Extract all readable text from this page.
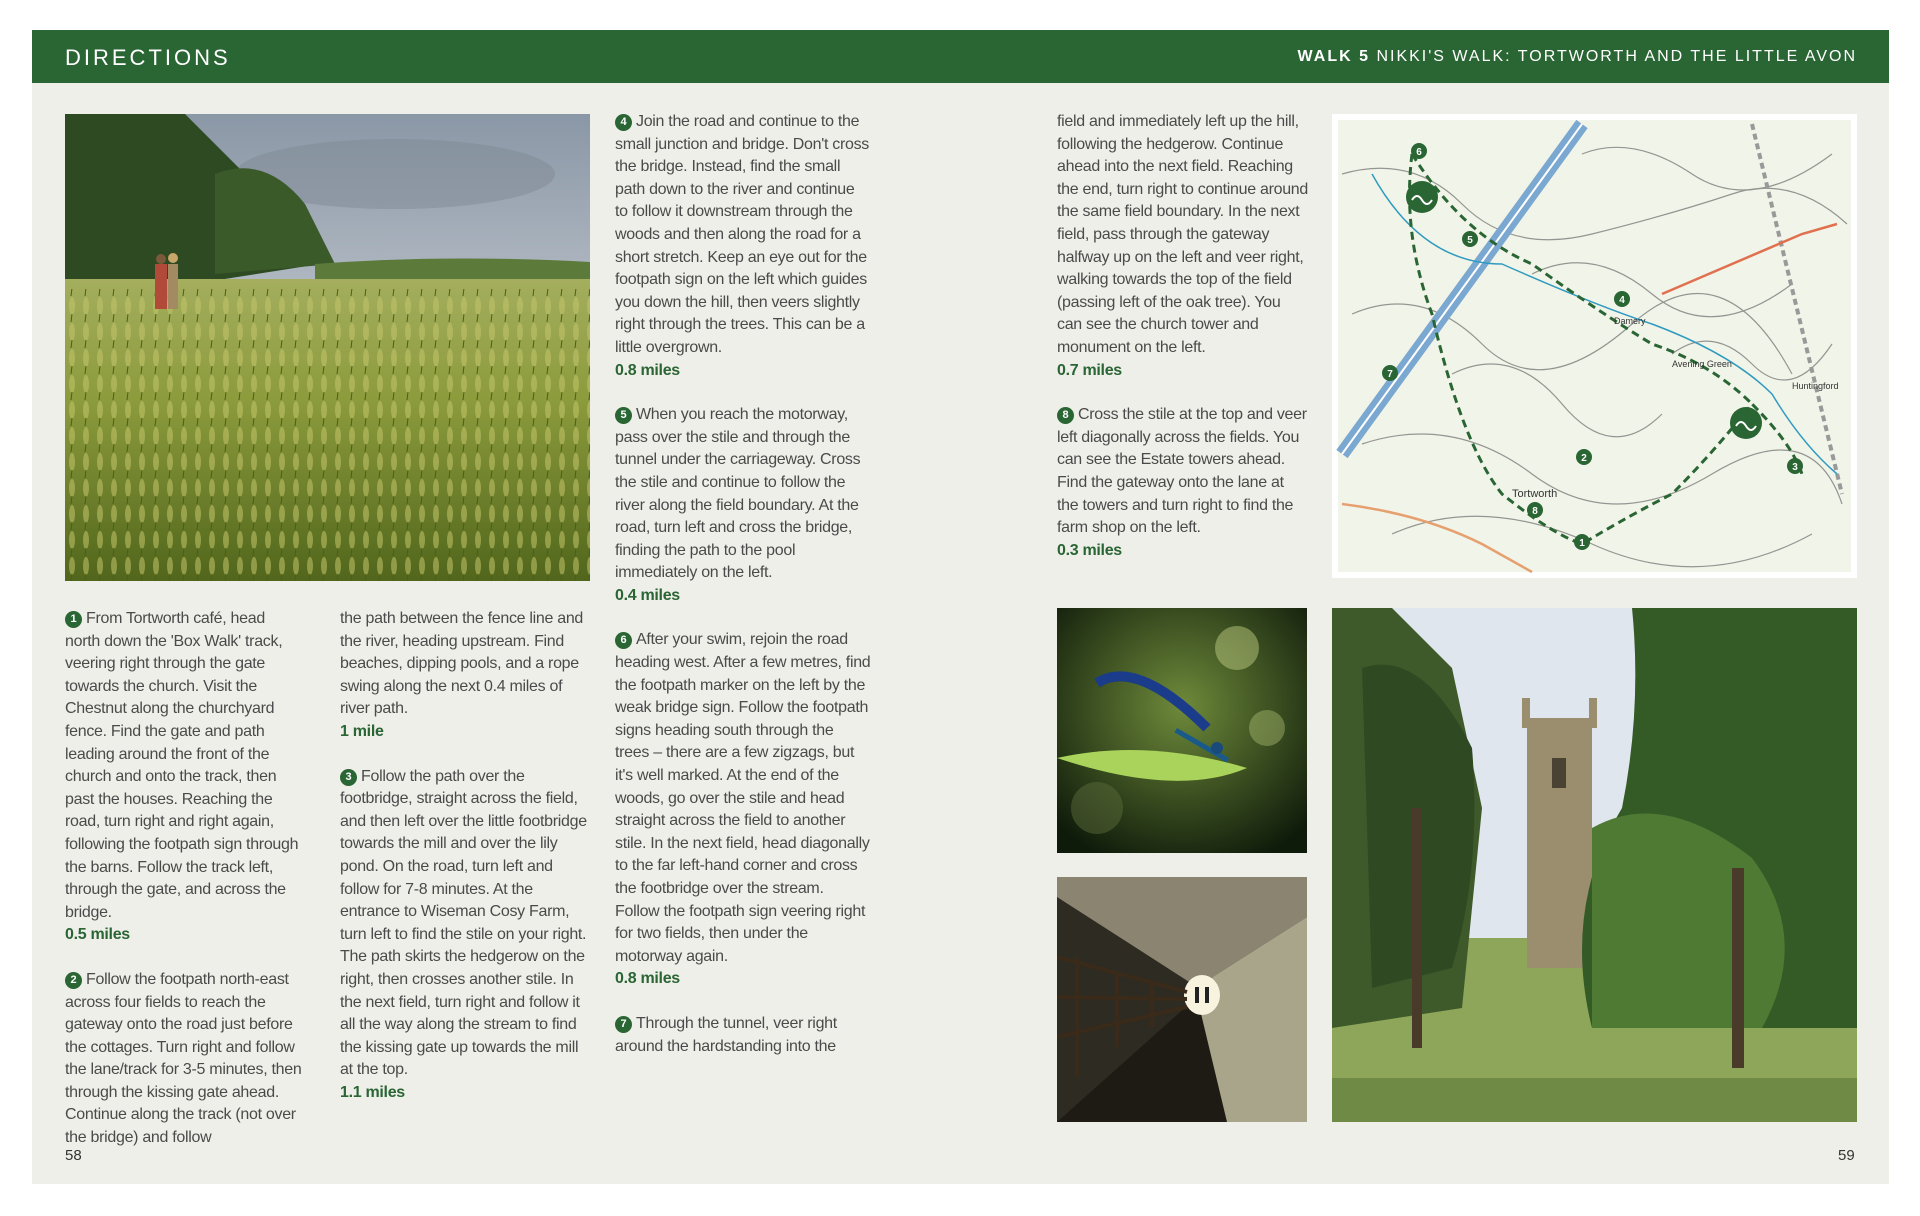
DIRECTIONS	WALK 5 NIKKI'S WALK: TORTWORTH AND THE LITTLE AVON

1 From Tortworth café, head north down the 'Box Walk' track, veering right through the gate towards the church. Visit the Chestnut along the churchyard fence. Find the gate and path leading around the front of the church and onto the track, then past the houses. Reaching the road, turn right and right again, following the footpath sign through the barns. Follow the track left, through the gate, and across the bridge.
0.5 miles

2 Follow the footpath north-east across four fields to reach the gateway onto the road just before the cottages. Turn right and follow the lane/track for 3-5 minutes, then through the kissing gate ahead. Continue along the track (not over the bridge) and follow

the path between the fence line and the river, heading upstream. Find beaches, dipping pools, and a rope swing along the next 0.4 miles of river path.
1 mile

3 Follow the path over the footbridge, straight across the field, and then left over the little footbridge towards the mill and over the lily pond. On the road, turn left and follow for 7-8 minutes. At the entrance to Wiseman Cosy Farm, turn left to find the stile on your right. The path skirts the hedgerow on the right, then crosses another stile. In the next field, turn right and follow it all the way along the stream to find the kissing gate up towards the mill at the top.
1.1 miles

4 Join the road and continue to the small junction and bridge. Don't cross the bridge. Instead, find the small path down to the river and continue to follow it downstream through the woods and then along the road for a short stretch. Keep an eye out for the footpath sign on the left which guides you down the hill, then veers slightly right through the trees. This can be a little overgrown.
0.8 miles

5 When you reach the motorway, pass over the stile and through the tunnel under the carriageway. Cross the stile and continue to follow the river along the field boundary. At the road, turn left and cross the bridge, finding the path to the pool immediately on the left.
0.4 miles

6 After your swim, rejoin the road heading west. After a few metres, find the footpath marker on the left by the weak bridge sign. Follow the footpath signs heading south through the trees – there are a few zigzags, but it's well marked. At the end of the woods, go over the stile and head straight across the field to another stile. In the next field, head diagonally to the far left-hand corner and cross the footbridge over the stream. Follow the footpath sign veering right for two fields, then under the motorway again.
0.8 miles

7 Through the tunnel, veer right around the hardstanding into the

field and immediately left up the hill, following the hedgerow. Continue ahead into the next field. Reaching the end, turn right to continue around the same field boundary. In the next field, pass through the gateway halfway up on the left and veer right, walking towards the top of the field (passing left of the oak tree). You can see the church tower and monument on the left.
0.7 miles

8 Cross the stile at the top and veer left diagonally across the fields. You can see the Estate towers ahead. Find the gateway onto the lane at the towers and turn right to find the farm shop on the left.
0.3 miles

Tortworth
Damery
Avening Green
Huntingford
1
2
3
4
5
6
7
8
58	59
